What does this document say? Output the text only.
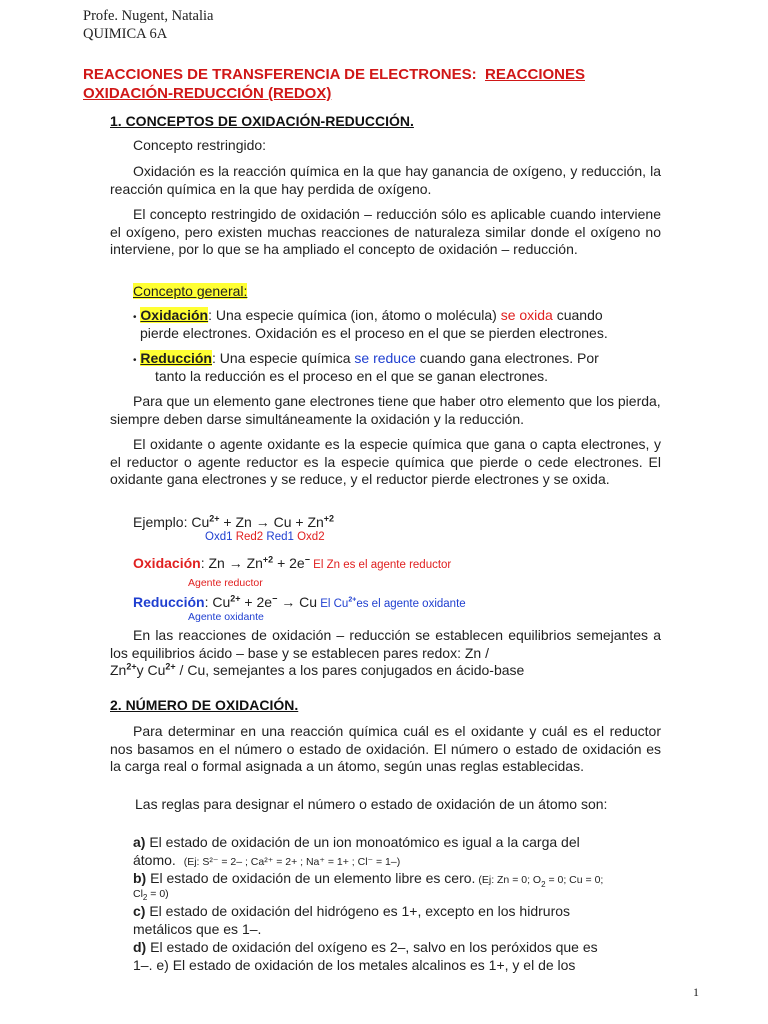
Profe. Nugent, Natalia
QUIMICA 6A
REACCIONES DE TRANSFERENCIA DE ELECTRONES: REACCIONES
OXIDACIÓN-REDUCCIÓN (REDOX)
1. CONCEPTOS DE OXIDACIÓN-REDUCCIÓN.
Concepto restringido:
Oxidación es la reacción química en la que hay ganancia de oxígeno, y reducción, la reacción química en la que hay perdida de oxígeno.
El concepto restringido de oxidación – reducción sólo es aplicable cuando interviene el oxígeno, pero existen muchas reacciones de naturaleza similar donde el oxígeno no interviene, por lo que se ha ampliado el concepto de oxidación – reducción.
Concepto general:
• Oxidación: Una especie química (ion, átomo o molécula) se oxida cuando
pierde electrones. Oxidación es el proceso en el que se pierden electrones.
• Reducción: Una especie química se reduce cuando gana electrones. Por
tanto la reducción es el proceso en el que se ganan electrones.
Para que un elemento gane electrones tiene que haber otro elemento que los pierda, siempre deben darse simultáneamente la oxidación y la reducción.
El oxidante o agente oxidante es la especie química que gana o capta electrones, y el reductor o agente reductor es la especie química que pierde o cede electrones. El oxidante gana electrones y se reduce, y el reductor pierde electrones y se oxida.
Ejemplo: $Cu^{2+} + Zn \to Cu + Zn^{+2}$
Oxd1 Red2 Red1 Oxd2
Oxidación: $Zn \to Zn^{+2} + 2e^-$ El Zn es el agente reductor
Agente reductor
Reducción: $Cu^{2+} + 2e^- \to Cu$ El $Cu^{2+}es$ el agente oxidante
Agente oxidante
En las reacciones de oxidación – reducción se establecen equilibrios semejantes a los equilibrios ácido – base y se establecen pares redox: Zn /
$Zn^{2+}y$ $Cu^{2+}$ / Cu, semejantes a los pares conjugados en ácido-base
2. NÚMERO DE OXIDACIÓN.
Para determinar en una reacción química cuál es el oxidante y cuál es el reductor nos basamos en el número o estado de oxidación. El número o estado de oxidación es la carga real o formal asignada a un átomo, según unas reglas establecidas.
Las reglas para designar el número o estado de oxidación de un átomo son:
a) El estado de oxidación de un ion monoatómico es igual a la carga del
átomo. (Ej: S²⁻ = 2– ; Ca²⁺ = 2+ ; Na⁺ = 1+ ; Cl⁻ = 1–)
b) El estado de oxidación de un elemento libre es cero. (Ej: Zn = 0; $O_2 = 0$; Cu = 0;
$Cl_2 = 0$)
c) El estado de oxidación del hidrógeno es 1+, excepto en los hidruros
metálicos que es 1–.
d) El estado de oxidación del oxígeno es 2–, salvo en los peróxidos que es
1–. e) El estado de oxidación de los metales alcalinos es 1+, y el de los
1
